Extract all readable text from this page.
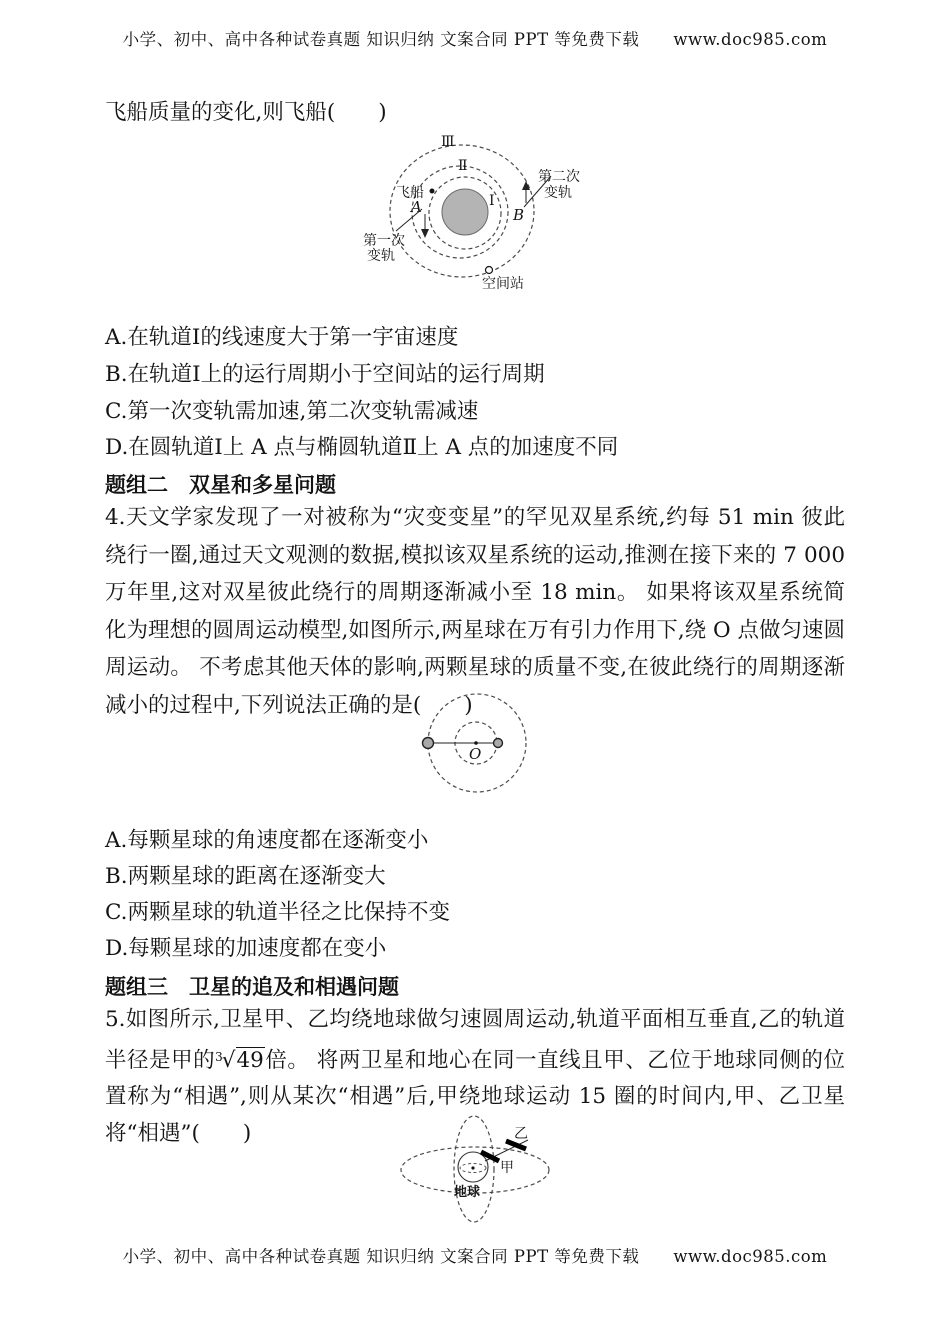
小学、初中、高中各种试卷真题 知识归纳 文案合同 PPT 等免费下载 www.doc985.com
飞船质量的变化,则飞船(　　)
Ⅲ
Ⅱ
Ⅰ
飞船
A
第一次
变轨
B
第二次
变轨
空间站
A.在轨道Ⅰ的线速度大于第一宇宙速度
B.在轨道Ⅰ上的运行周期小于空间站的运行周期
C.第一次变轨需加速,第二次变轨需减速
D.在圆轨道Ⅰ上 A 点与椭圆轨道Ⅱ上 A 点的加速度不同
题组二　双星和多星问题
4.天文学家发现了一对被称为“灾变变星”的罕见双星系统,约每 51 min 彼此绕行一圈,通过天文观测的数据,模拟该双星系统的运动,推测在接下来的 7 000 万年里,这对双星彼此绕行的周期逐渐减小至 18 min。 如果将该双星系统简化为理想的圆周运动模型,如图所示,两星球在万有引力作用下,绕 O 点做匀速圆周运动。 不考虑其他天体的影响,两颗星球的质量不变,在彼此绕行的周期逐渐减小的过程中,下列说法正确的是(　　)
O
A.每颗星球的角速度都在逐渐变小
B.两颗星球的距离在逐渐变大
C.两颗星球的轨道半径之比保持不变
D.每颗星球的加速度都在变小
题组三　卫星的追及和相遇问题
5.如图所示,卫星甲、乙均绕地球做匀速圆周运动,轨道平面相互垂直,乙的轨道半径是甲的$^3$√49倍。 将两卫星和地心在同一直线且甲、乙位于地球同侧的位置称为“相遇”,则从某次“相遇”后,甲绕地球运动 15 圈的时间内,甲、乙卫星将“相遇”(　　)
甲
乙
地球
小学、初中、高中各种试卷真题 知识归纳 文案合同 PPT 等免费下载 www.doc985.com
